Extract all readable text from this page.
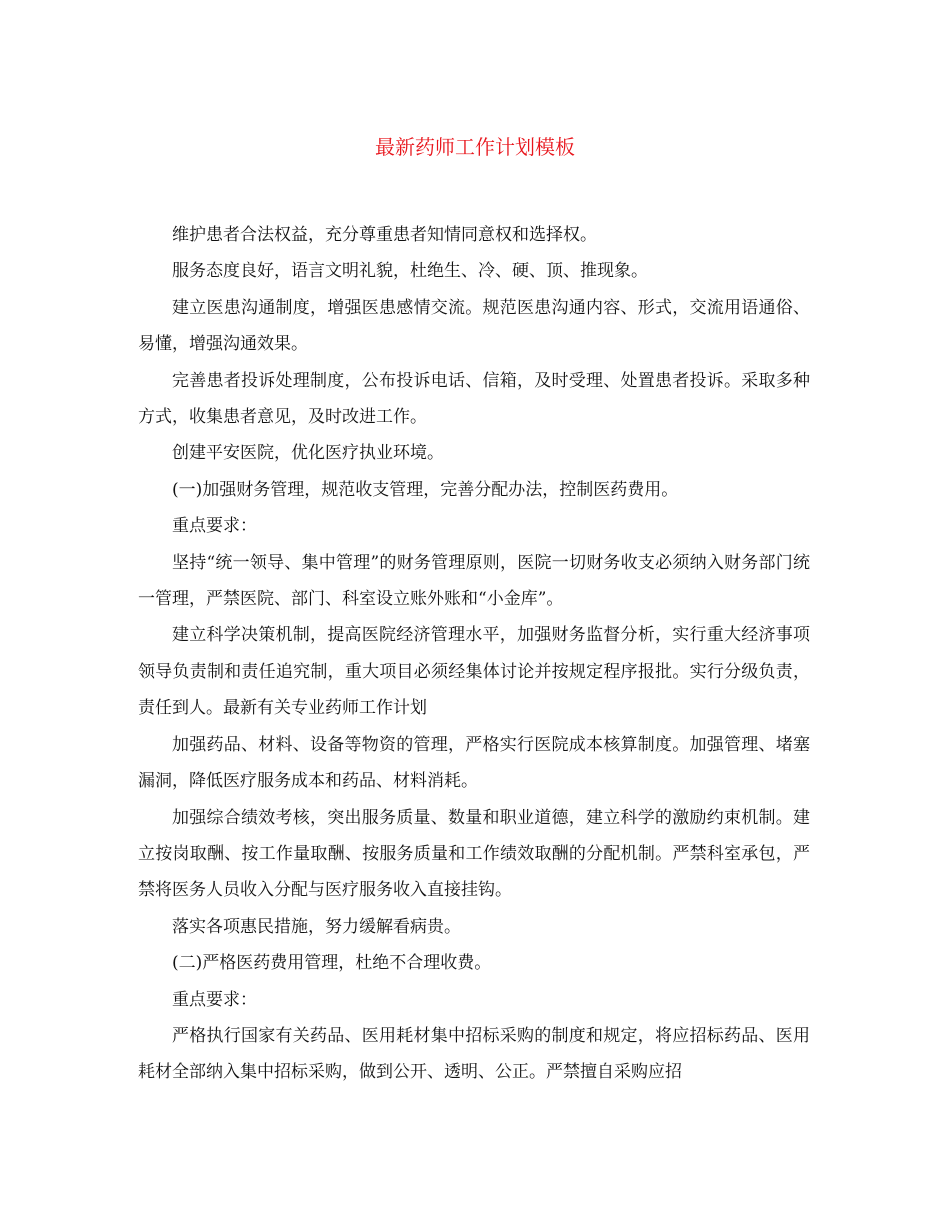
最新药师工作计划模板

维护患者合法权益，充分尊重患者知情同意权和选择权。

服务态度良好，语言文明礼貌，杜绝生、冷、硬、顶、推现象。

建立医患沟通制度，增强医患感情交流。规范医患沟通内容、形式，交流用语通俗、易懂，增强沟通效果。

完善患者投诉处理制度，公布投诉电话、信箱，及时受理、处置患者投诉。采取多种方式，收集患者意见，及时改进工作。

创建平安医院，优化医疗执业环境。

(一)加强财务管理，规范收支管理，完善分配办法，控制医药费用。

重点要求：

坚持“统一领导、集中管理”的财务管理原则，医院一切财务收支必须纳入财务部门统一管理，严禁医院、部门、科室设立账外账和“小金库”。

建立科学决策机制，提高医院经济管理水平，加强财务监督分析，实行重大经济事项领导负责制和责任追究制，重大项目必须经集体讨论并按规定程序报批。实行分级负责，责任到人。最新有关专业药师工作计划

加强药品、材料、设备等物资的管理，严格实行医院成本核算制度。加强管理、堵塞漏洞，降低医疗服务成本和药品、材料消耗。

加强综合绩效考核，突出服务质量、数量和职业道德，建立科学的激励约束机制。建立按岗取酬、按工作量取酬、按服务质量和工作绩效取酬的分配机制。严禁科室承包，严禁将医务人员收入分配与医疗服务收入直接挂钩。

落实各项惠民措施，努力缓解看病贵。

(二)严格医药费用管理，杜绝不合理收费。

重点要求：

严格执行国家有关药品、医用耗材集中招标采购的制度和规定，将应招标药品、医用耗材全部纳入集中招标采购，做到公开、透明、公正。严禁擅自采购应招
